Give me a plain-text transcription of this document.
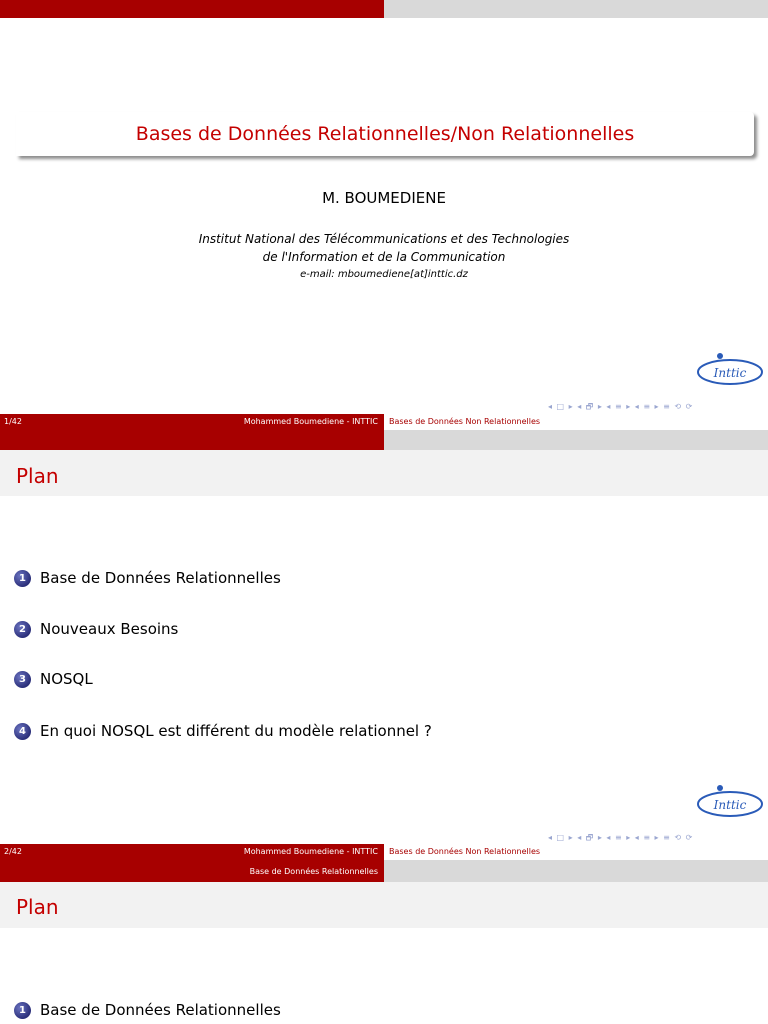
Bases de Données Relationnelles/Non Relationnelles
M. BOUMEDIENE
Institut National des Télécommunications et des Technologies
de l'Information et de la Communication
e-mail: mboumediene[at]inttic.dz
Inttic
◂ □ ▸ ◂ 🗗 ▸ ◂ ≡ ▸ ◂ ≡ ▸ ≡ ⟲ ⟳
1/42	Mohammed Boumediene - INTTIC Bases de Données Non Relationnelles
Plan
1 Base de Données Relationnelles
2 Nouveaux Besoins
3 NOSQL
4 En quoi NOSQL est différent du modèle relationnel ?
Inttic
◂ □ ▸ ◂ 🗗 ▸ ◂ ≡ ▸ ◂ ≡ ▸ ≡ ⟲ ⟳
2/42	Mohammed Boumediene - INTTIC Bases de Données Non Relationnelles
Base de Données Relationnelles
Plan
1 Base de Données Relationnelles
